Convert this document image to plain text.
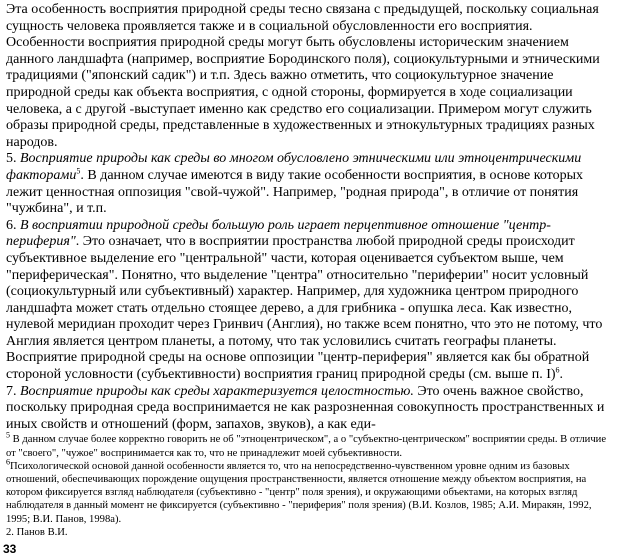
Эта особенность восприятия природной среды тесно связана с предыдущей, поскольку социальная сущность человека проявляется также и в социальной обусловленности его восприятия. Особенности восприятия природной среды могут быть обусловлены историческим значением данного ландшафта (например, восприятие Бородинского поля), социокультурными и этническими традициями ("японский садик") и т.п. Здесь важно отметить, что социокультурное значение природной среды как объекта восприятия, с одной стороны, формируется в ходе социализации человека, а с другой -выступает именно как средство его социализации. Примером могут служить образы природной среды, представленные в художественных и этнокультурных традициях разных народов.

5. Восприятие природы как среды во многом обусловлено этническими или этноцентрическими факторами$^5$. В данном случае имеются в виду такие особенности восприятия, в основе которых лежит ценностная оппозиция "свой-чужой". Например, "родная природа", в отличие от понятия "чужбина", и т.п.

6. В восприятии природной среды большую роль играет перцептивное отношение "центр-периферия". Это означает, что в восприятии пространства любой природной среды происходит субъективное выделение его "центральной" части, которая оценивается субъектом выше, чем "периферическая". Понятно, что выделение "центра" относительно "периферии" носит условный (социокультурный или субъективный) характер. Например, для художника центром природного ландшафта может стать отдельно стоящее дерево, а для грибника - опушка леса. Как известно, нулевой меридиан проходит через Гринвич (Англия), но также всем понятно, что это не потому, что Англия является центром планеты, а потому, что так условились считать географы планеты. Восприятие природной среды на основе оппозиции "центр-периферия" является как бы обратной стороной условности (субъективности) восприятия границ природной среды (см. выше п. I)$^6$.

7. Восприятие природы как среды характеризуется целостностью. Это очень важное свойство, поскольку природная среда воспринимается не как разрозненная совокупность пространственных и иных свойств и отношений (форм, запахов, звуков), а как еди-

$^5$ В данном случае более корректно говорить не об "этноцентрическом", а о "субъектно-центрическом" восприятии среды. В отличие от "своего", "чужое" воспринимается как то, что не принадлежит моей субъективности.

$^6$Психологической основой данной особенности является то, что на непосредственно-чувственном уровне одним из базовых отношений, обеспечивающих порождение ощущения пространственности, является отношение между объектом восприятия, на котором фиксируется взгляд наблюдателя (субъективно - "центр" поля зрения), и окружающими объектами, на которых взгляд наблюдателя в данный момент не фиксируется (субъективно - "периферия" поля зрения) (В.И. Козлов, 1985; А.И. Миракян, 1992, 1995; В.И. Панов, 1998а).

2. Панов В.И.

33
